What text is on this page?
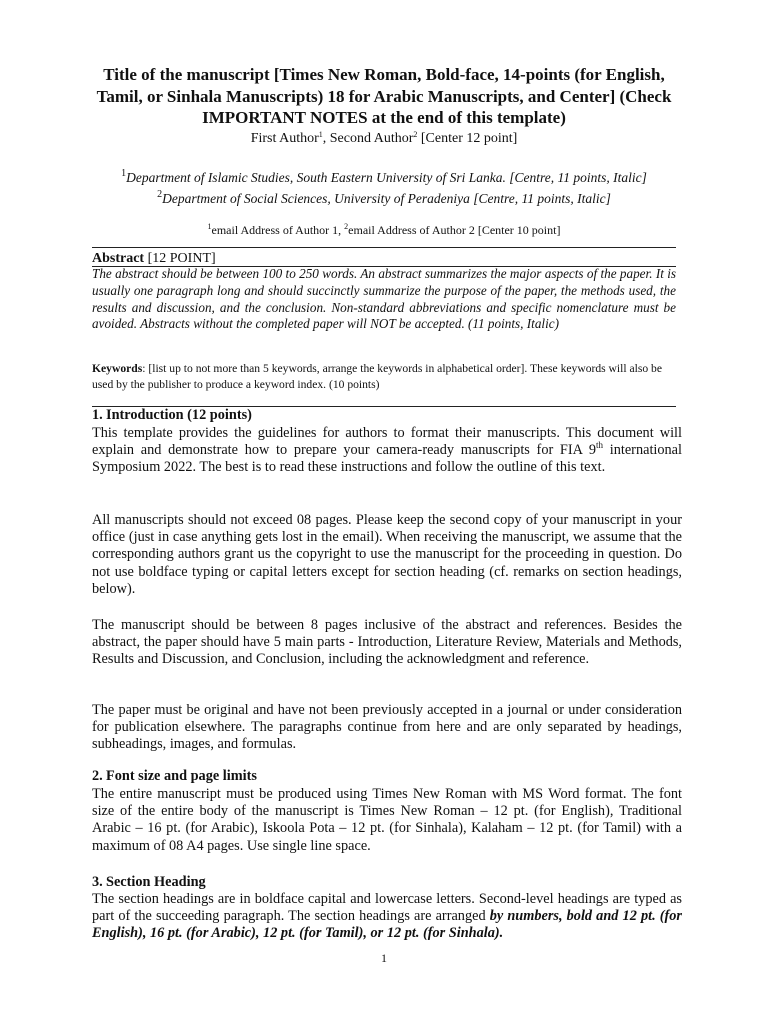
Title of the manuscript [Times New Roman, Bold-face, 14-points (for English, Tamil, or Sinhala Manuscripts) 18 for Arabic Manuscripts, and Center] (Check IMPORTANT NOTES at the end of this template)
First Author$^1$, Second Author$^2$ [Center 12 point]
$^1$Department of Islamic Studies, South Eastern University of Sri Lanka. [Centre, 11 points, Italic]
$^2$Department of Social Sciences, University of Peradeniya [Centre, 11 points, Italic]
$^1$email Address of Author 1, $^2$email Address of Author 2 [Center 10 point]
Abstract [12 POINT]
The abstract should be between 100 to 250 words. An abstract summarizes the major aspects of the paper. It is usually one paragraph long and should succinctly summarize the purpose of the paper, the methods used, the results and discussion, and the conclusion. Non-standard abbreviations and specific nomenclature must be avoided. Abstracts without the completed paper will NOT be accepted. (11 points, Italic)
Keywords: [list up to not more than 5 keywords, arrange the keywords in alphabetical order]. These keywords will also be used by the publisher to produce a keyword index. (10 points)
1. Introduction (12 points)
This template provides the guidelines for authors to format their manuscripts. This document will explain and demonstrate how to prepare your camera-ready manuscripts for FIA 9th international Symposium 2022. The best is to read these instructions and follow the outline of this text.
All manuscripts should not exceed 08 pages. Please keep the second copy of your manuscript in your office (just in case anything gets lost in the email). When receiving the manuscript, we assume that the corresponding authors grant us the copyright to use the manuscript for the proceeding in question. Do not use boldface typing or capital letters except for section heading (cf. remarks on section headings, below).
The manuscript should be between 8 pages inclusive of the abstract and references. Besides the abstract, the paper should have 5 main parts - Introduction, Literature Review, Materials and Methods, Results and Discussion, and Conclusion, including the acknowledgment and reference.
The paper must be original and have not been previously accepted in a journal or under consideration for publication elsewhere. The paragraphs continue from here and are only separated by headings, subheadings, images, and formulas.
2. Font size and page limits
The entire manuscript must be produced using Times New Roman with MS Word format. The font size of the entire body of the manuscript is Times New Roman – 12 pt. (for English), Traditional Arabic – 16 pt. (for Arabic), Iskoola Pota – 12 pt. (for Sinhala), Kalaham – 12 pt. (for Tamil) with a maximum of 08 A4 pages. Use single line space.
3. Section Heading
The section headings are in boldface capital and lowercase letters. Second-level headings are typed as part of the succeeding paragraph. The section headings are arranged by numbers, bold and 12 pt. (for English), 16 pt. (for Arabic), 12 pt. (for Tamil), or 12 pt. (for Sinhala).
1
